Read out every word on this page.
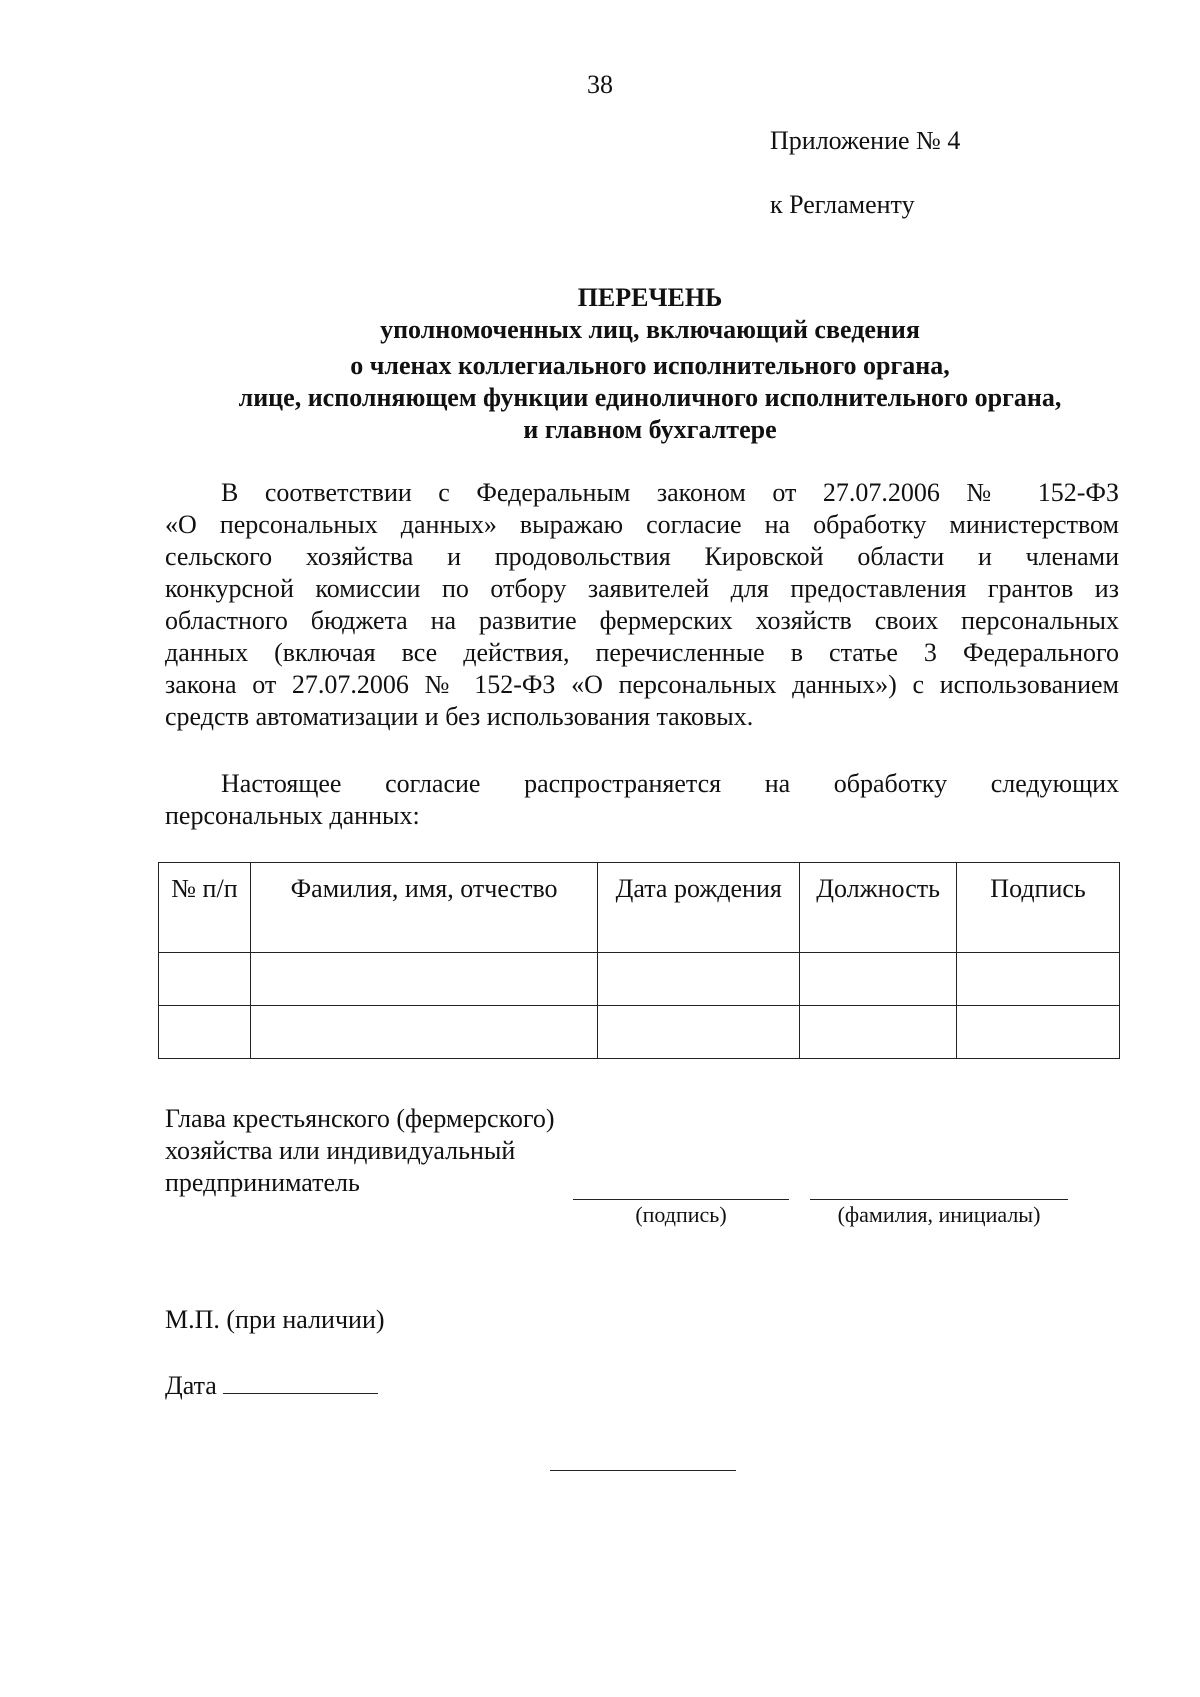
38
Приложение № 4
к Регламенту
ПЕРЕЧЕНЬ
уполномоченных лиц, включающий сведения
о членах коллегиального исполнительного органа,
лице, исполняющем функции единоличного исполнительного органа,
и главном бухгалтере
В соответствии с Федеральным законом от 27.07.2006 № 152-ФЗ
«О персональных данных» выражаю согласие на обработку министерством
сельского хозяйства и продовольствия Кировской области и членами
конкурсной комиссии по отбору заявителей для предоставления грантов из
областного бюджета на развитие фермерских хозяйств своих персональных
данных (включая все действия, перечисленные в статье 3 Федерального
закона от 27.07.2006 № 152-ФЗ «О персональных данных») с использованием
средств автоматизации и без использования таковых.
Настоящее согласие распространяется на обработку следующих
персональных данных:
№ п/п	Фамилия, имя, отчество	Дата рождения	Должность	Подпись

Глава крестьянского (фермерского)
хозяйства или индивидуальный
предприниматель
(подпись)	(фамилия, инициалы)
М.П. (при наличии)
Дата
